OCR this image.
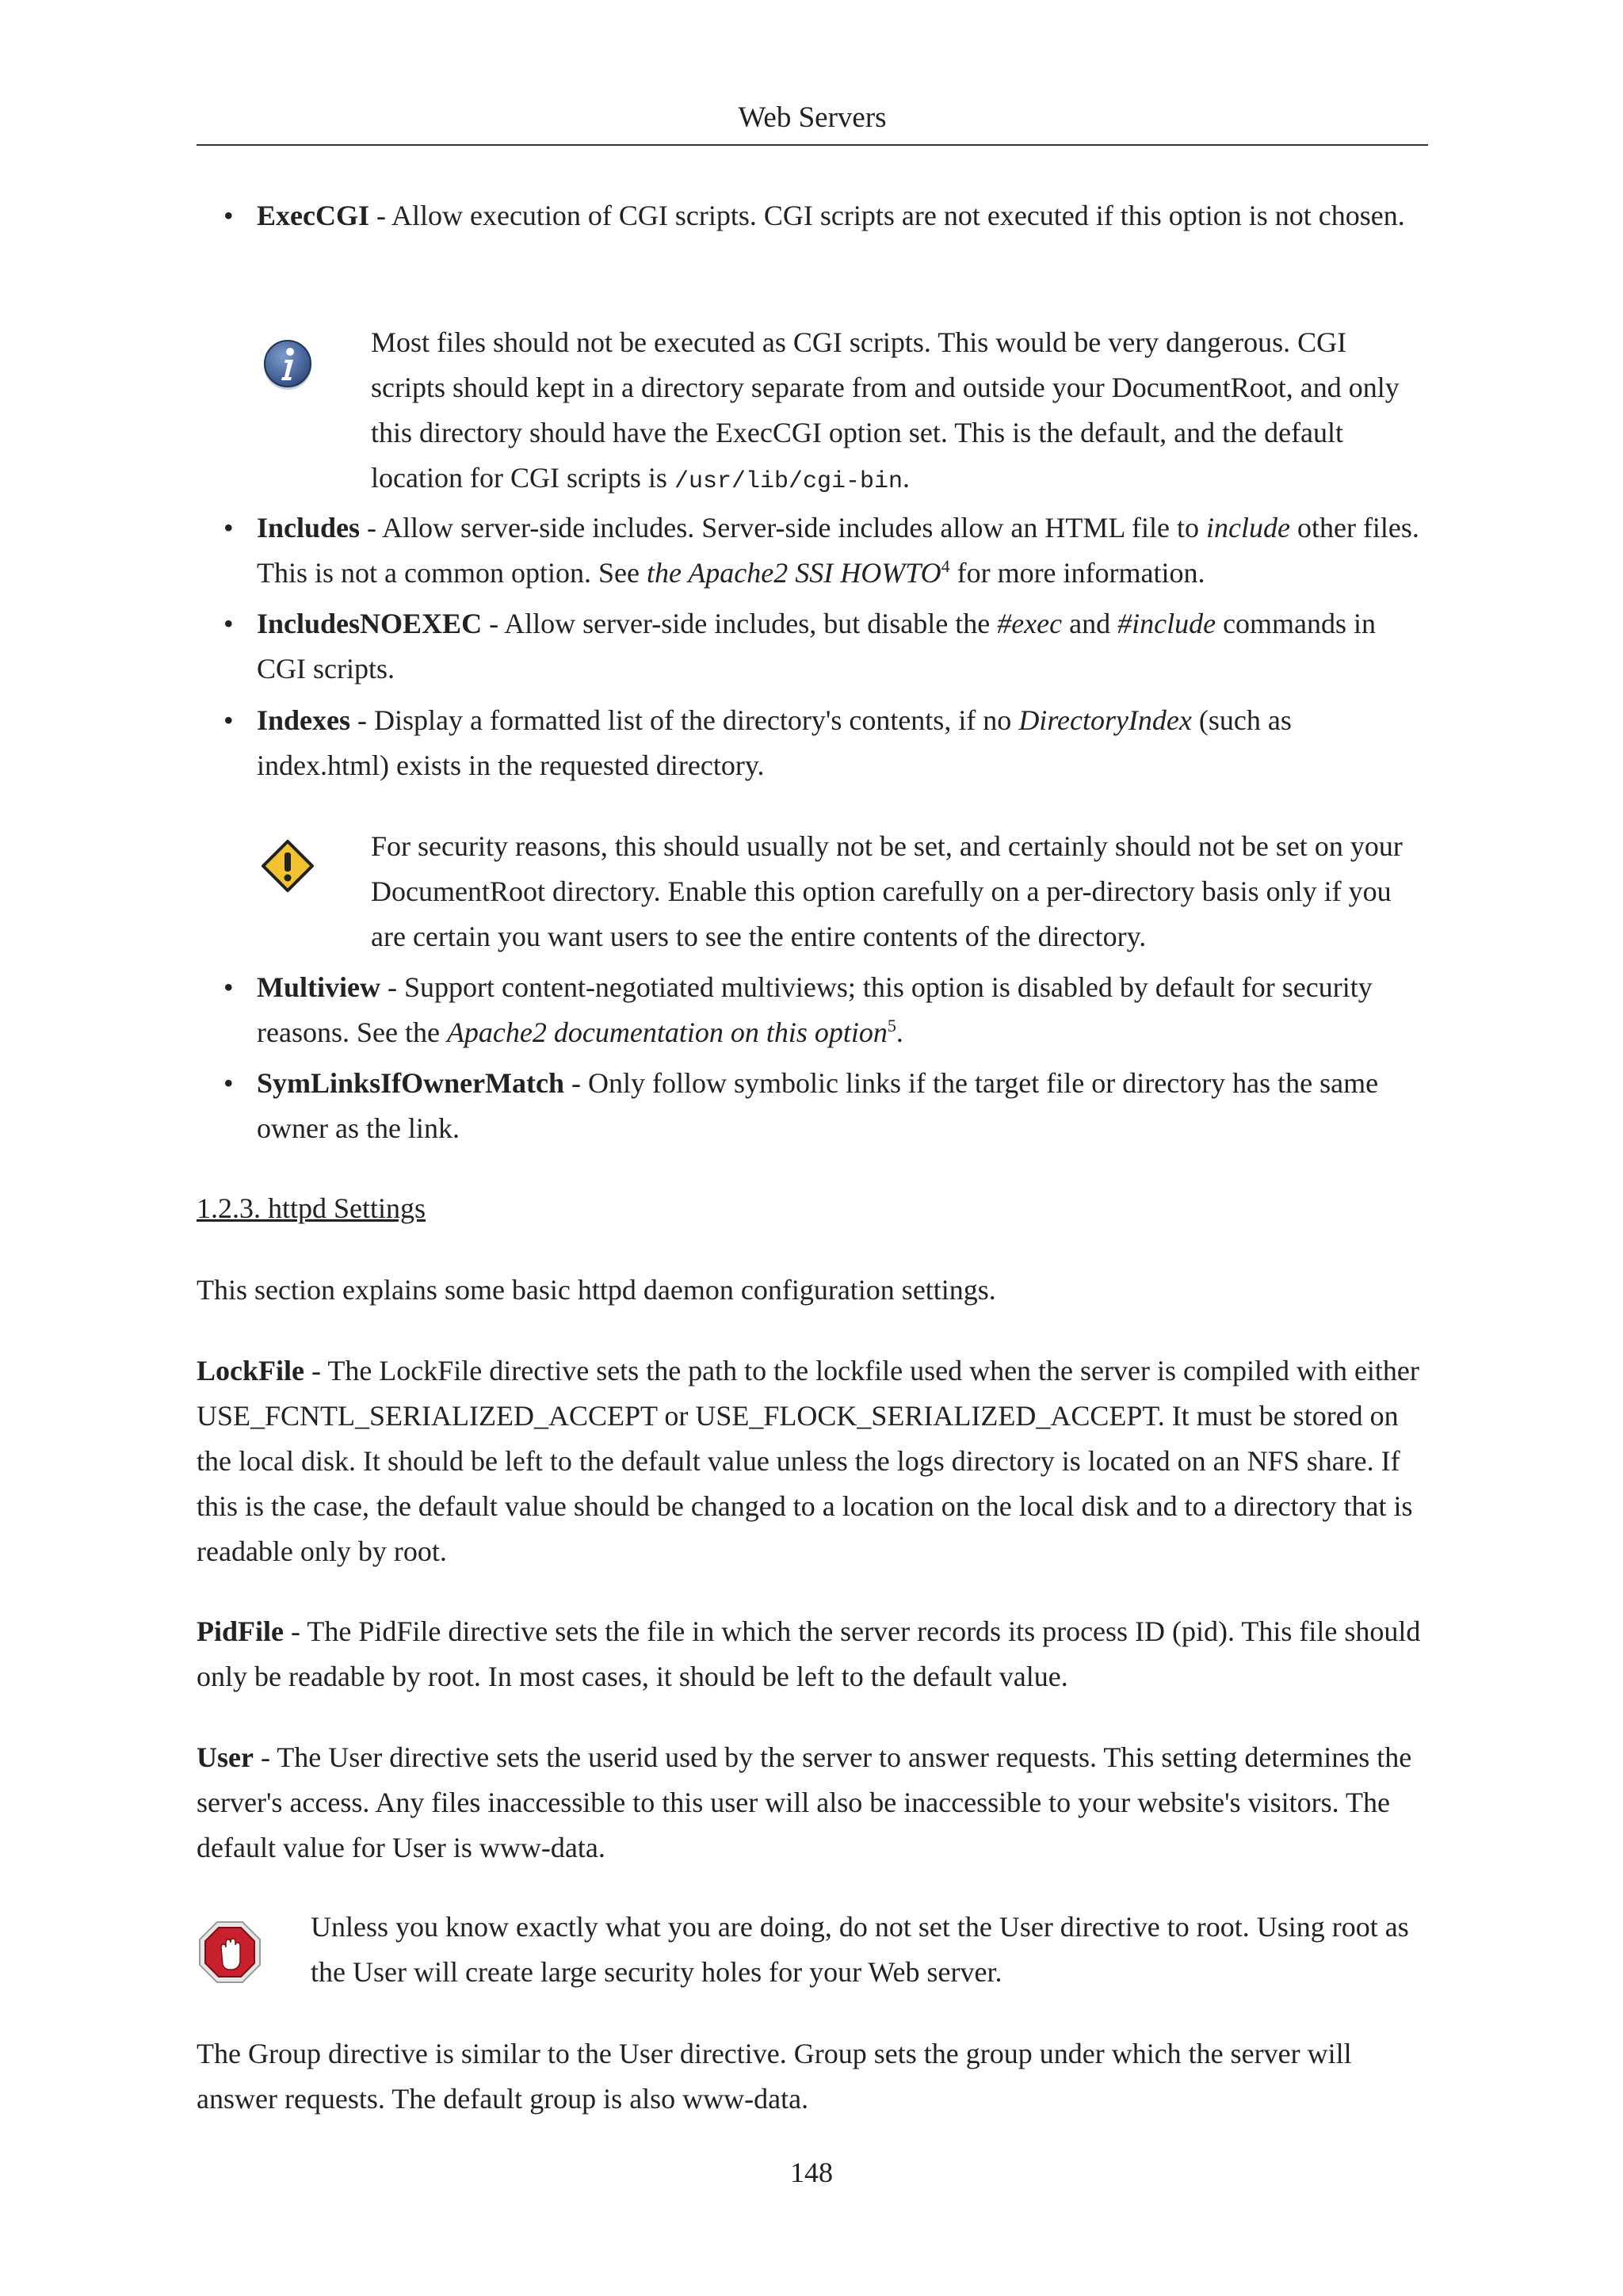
Web Servers
• ExecCGI - Allow execution of CGI scripts. CGI scripts are not executed if this option is not chosen.
Most files should not be executed as CGI scripts. This would be very dangerous. CGI scripts should kept in a directory separate from and outside your DocumentRoot, and only this directory should have the ExecCGI option set. This is the default, and the default location for CGI scripts is /usr/lib/cgi-bin.
• Includes - Allow server-side includes. Server-side includes allow an HTML file to include other files. This is not a common option. See the Apache2 SSI HOWTO$^4$ for more information.
• IncludesNOEXEC - Allow server-side includes, but disable the #exec and #include commands in CGI scripts.
• Indexes - Display a formatted list of the directory's contents, if no DirectoryIndex (such as index.html) exists in the requested directory.
For security reasons, this should usually not be set, and certainly should not be set on your DocumentRoot directory. Enable this option carefully on a per-directory basis only if you are certain you want users to see the entire contents of the directory.
• Multiview - Support content-negotiated multiviews; this option is disabled by default for security reasons. See the Apache2 documentation on this option$^5$.
• SymLinksIfOwnerMatch - Only follow symbolic links if the target file or directory has the same owner as the link.
1.2.3. httpd Settings
This section explains some basic httpd daemon configuration settings.
LockFile - The LockFile directive sets the path to the lockfile used when the server is compiled with either USE_FCNTL_SERIALIZED_ACCEPT or USE_FLOCK_SERIALIZED_ACCEPT. It must be stored on the local disk. It should be left to the default value unless the logs directory is located on an NFS share. If this is the case, the default value should be changed to a location on the local disk and to a directory that is readable only by root.
PidFile - The PidFile directive sets the file in which the server records its process ID (pid). This file should only be readable by root. In most cases, it should be left to the default value.
User - The User directive sets the userid used by the server to answer requests. This setting determines the server's access. Any files inaccessible to this user will also be inaccessible to your website's visitors. The default value for User is www-data.
Unless you know exactly what you are doing, do not set the User directive to root. Using root as the User will create large security holes for your Web server.
The Group directive is similar to the User directive. Group sets the group under which the server will answer requests. The default group is also www-data.
148
